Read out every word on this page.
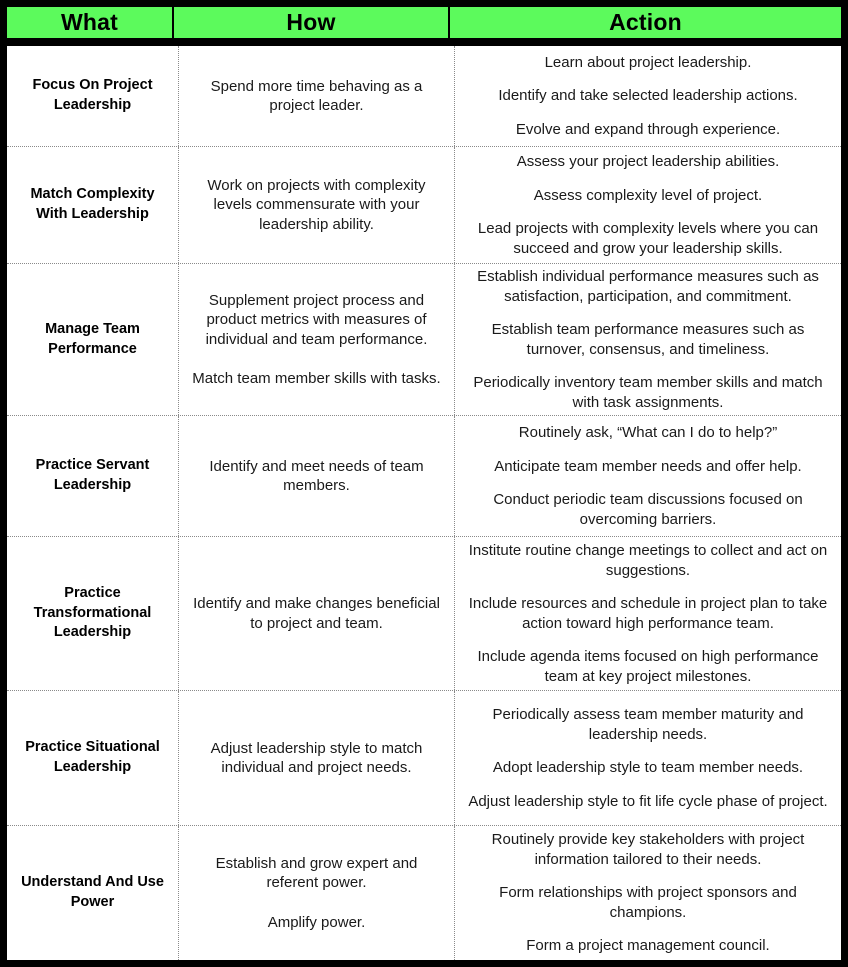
What	How	Action
Focus On Project Leadership

Spend more time behaving as a project leader.

Learn about project leadership.

Identify and take selected leadership actions.

Evolve and expand through experience.

Match Complexity With Leadership

Work on projects with complexity levels commensurate with your leadership ability.

Assess your project leadership abilities.

Assess complexity level of project.

Lead projects with complexity levels where you can succeed and grow your leadership skills.

Manage Team Performance

Supplement project process and product metrics with measures of individual and team performance.

Match team member skills with tasks.

Establish individual performance measures such as satisfaction, participation, and commitment.

Establish team performance measures such as turnover, consensus, and timeliness.

Periodically inventory team member skills and match with task assignments.

Practice Servant Leadership

Identify and meet needs of team members.

Routinely ask, “What can I do to help?”

Anticipate team member needs and offer help.

Conduct periodic team discussions focused on overcoming barriers.

Practice Transformational Leadership

Identify and make changes beneficial to project and team.

Institute routine change meetings to collect and act on suggestions.

Include resources and schedule in project plan to take action toward high performance team.

Include agenda items focused on high performance team at key project milestones.

Practice Situational Leadership

Adjust leadership style to match individual and project needs.

Periodically assess team member maturity and leadership needs.

Adopt leadership style to team member needs.

Adjust leadership style to fit life cycle phase of project.

Understand And Use Power

Establish and grow expert and referent power.

Amplify power.

Routinely provide key stakeholders with project information tailored to their needs.

Form relationships with project sponsors and champions.

Form a project management council.
